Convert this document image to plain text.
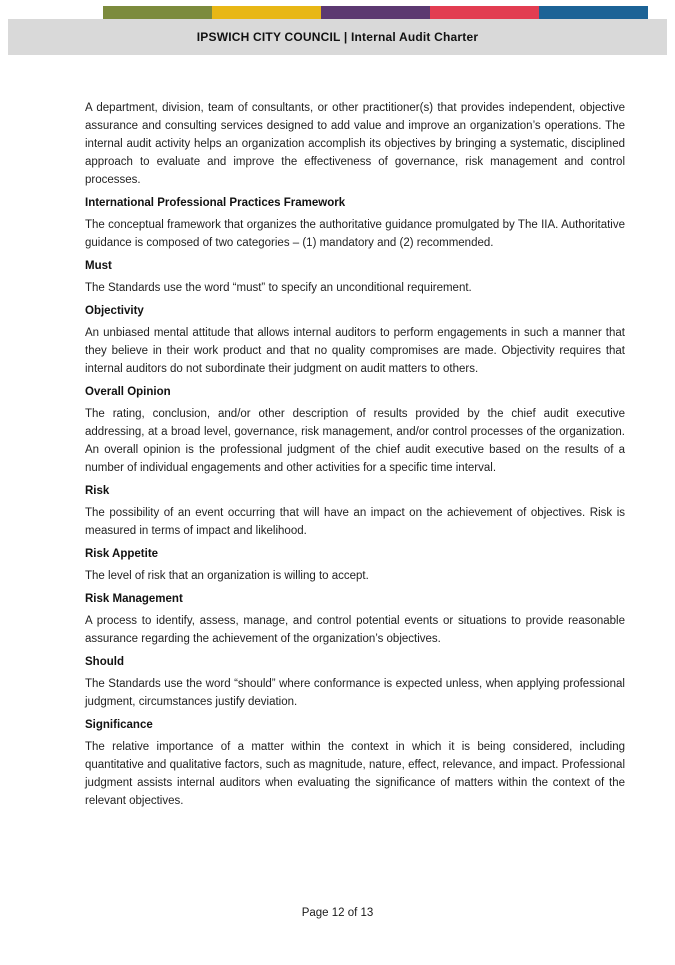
IPSWICH CITY COUNCIL | Internal Audit Charter

A department, division, team of consultants, or other practitioner(s) that provides independent, objective assurance and consulting services designed to add value and improve an organization’s operations. The internal audit activity helps an organization accomplish its objectives by bringing a systematic, disciplined approach to evaluate and improve the effectiveness of governance, risk management and control processes.

International Professional Practices Framework

The conceptual framework that organizes the authoritative guidance promulgated by The IIA. Authoritative guidance is composed of two categories – (1) mandatory and (2) recommended.

Must

The Standards use the word “must” to specify an unconditional requirement.

Objectivity

An unbiased mental attitude that allows internal auditors to perform engagements in such a manner that they believe in their work product and that no quality compromises are made. Objectivity requires that internal auditors do not subordinate their judgment on audit matters to others.

Overall Opinion

The rating, conclusion, and/or other description of results provided by the chief audit executive addressing, at a broad level, governance, risk management, and/or control processes of the organization. An overall opinion is the professional judgment of the chief audit executive based on the results of a number of individual engagements and other activities for a specific time interval.

Risk

The possibility of an event occurring that will have an impact on the achievement of objectives. Risk is measured in terms of impact and likelihood.

Risk Appetite

The level of risk that an organization is willing to accept.

Risk Management

A process to identify, assess, manage, and control potential events or situations to provide reasonable assurance regarding the achievement of the organization’s objectives.

Should

The Standards use the word “should” where conformance is expected unless, when applying professional judgment, circumstances justify deviation.

Significance

The relative importance of a matter within the context in which it is being considered, including quantitative and qualitative factors, such as magnitude, nature, effect, relevance, and impact. Professional judgment assists internal auditors when evaluating the significance of matters within the context of the relevant objectives.

Page 12 of 13
